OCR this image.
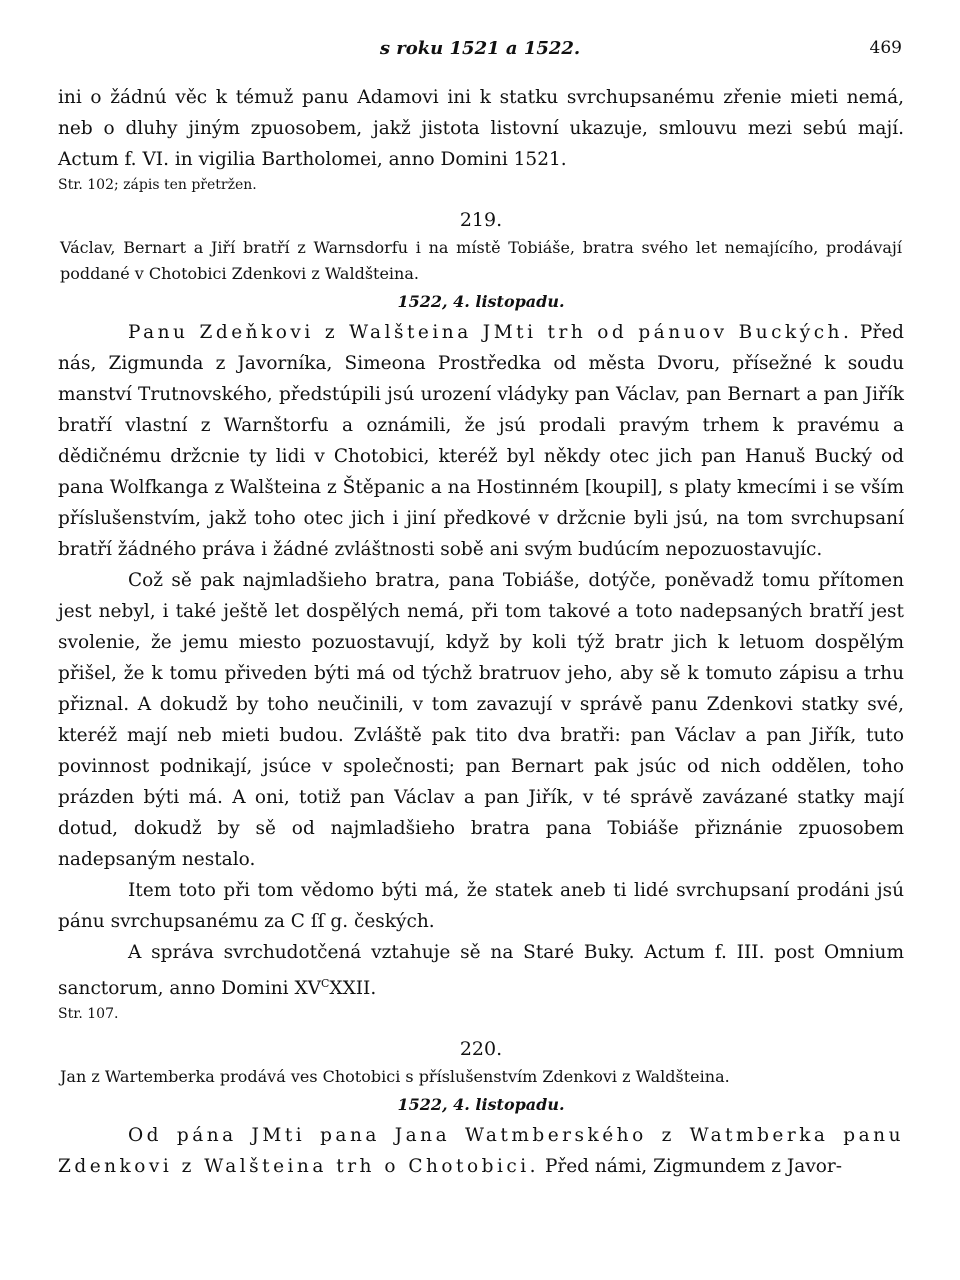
s roku 1521 a 1522.	469

ini o žádnú věc k témuž panu Adamovi ini k statku svrchupsanému zřenie mieti nemá, neb o dluhy jiným zpuosobem, jakž jistota listovní ukazuje, smlouvu mezi sebú mají. Actum f. VI. in vigilia Bartholomei, anno Domini 1521.

Str. 102; zápis ten přetržen.

219.

Václav, Bernart a Jiří bratří z Warnsdorfu i na místě Tobiáše, bratra svého let nemajícího, prodávají poddané v Chotobici Zdenkovi z Waldšteina.

1522, 4. listopadu.

Panu Zdeňkovi z Walšteina JMti trh od pánuov Buckých. Před nás, Zigmunda z Javorníka, Simeona Prostředka od města Dvoru, přísežné k soudu manství Trutnovského, předstúpili jsú urození vládyky pan Václav, pan Bernart a pan Jiřík bratří vlastní z Warnštorfu a oznámili, že jsú prodali pravým trhem k pravému a dědičnému držcnie ty lidi v Chotobici, kteréž byl někdy otec jich pan Hanuš Bucký od pana Wolfkanga z Walšteina z Štěpanic a na Hostinném [koupil], s platy kmecími i se vším příslušenstvím, jakž toho otec jich i jiní předkové v držcnie byli jsú, na tom svrchupsaní bratří žádného práva i žádné zvláštnosti sobě ani svým budúcím nepozuostavujíc.

Což sě pak najmladšieho bratra, pana Tobiáše, dotýče, poněvadž tomu přítomen jest nebyl, i také ještě let dospělých nemá, při tom takové a toto nadepsaných bratří jest svolenie, že jemu miesto pozuostavují, když by koli týž bratr jich k letuom dospělým přišel, že k tomu přiveden býti má od týchž bratruov jeho, aby sě k tomuto zápisu a trhu přiznal. A dokudž by toho neučinili, v tom zavazují v správě panu Zdenkovi statky své, kteréž mají neb mieti budou. Zvláště pak tito dva bratři: pan Václav a pan Jiřík, tuto povinnost podnikají, jsúce v společnosti; pan Bernart pak jsúc od nich oddělen, toho prázden býti má. A oni, totiž pan Václav a pan Jiřík, v té správě zavázané statky mají dotud, dokudž by sě od najmladšieho bratra pana Tobiáše přiznánie zpuosobem nadepsaným nestalo.

Item toto při tom vědomo býti má, že statek aneb ti lidé svrchupsaní prodáni jsú pánu svrchupsanému za C ſſ g. českých.

A správa svrchudotčená vztahuje sě na Staré Buky. Actum f. III. post Omnium sanctorum, anno Domini $XV^CXXII$.

Str. 107.

220.

Jan z Wartemberka prodává ves Chotobici s příslušenstvím Zdenkovi z Waldšteina.

1522, 4. listopadu.

Od pána JMti pana Jana Watmberského z Watmberka panu Zdenkovi z Walšteina trh o Chotobici. Před námi, Zigmundem z Javor-
